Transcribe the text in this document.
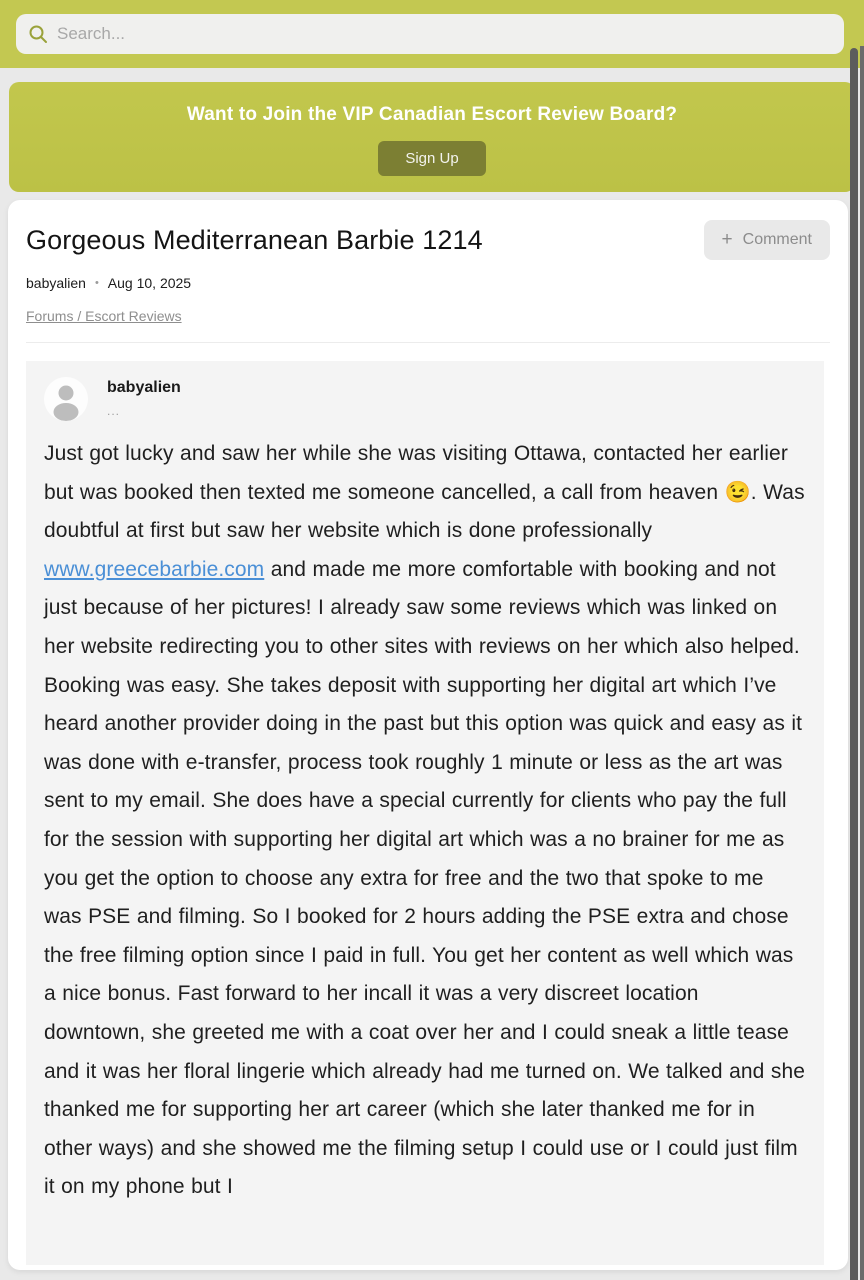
Search...
Want to Join the VIP Canadian Escort Review Board?
Sign Up
Gorgeous Mediterranean Barbie 1214	+ Comment
babyalien • Aug 10, 2025
Forums / Escort Reviews
babyalien
...
Just got lucky and saw her while she was visiting Ottawa, contacted her earlier but was booked then texted me someone cancelled, a call from heaven 😉. Was doubtful at first but saw her website which is done professionally www.greecebarbie.com and made me more comfortable with booking and not just because of her pictures! I already saw some reviews which was linked on her website redirecting you to other sites with reviews on her which also helped. Booking was easy. She takes deposit with supporting her digital art which I’ve heard another provider doing in the past but this option was quick and easy as it was done with e-transfer, process took roughly 1 minute or less as the art was sent to my email. She does have a special currently for clients who pay the full for the session with supporting her digital art which was a no brainer for me as you get the option to choose any extra for free and the two that spoke to me was PSE and filming. So I booked for 2 hours adding the PSE extra and chose the free filming option since I paid in full. You get her content as well which was a nice bonus. Fast forward to her incall it was a very discreet location downtown, she greeted me with a coat over her and I could sneak a little tease and it was her floral lingerie which already had me turned on. We talked and she thanked me for supporting her art career (which she later thanked me for in other ways) and she showed me the filming setup I could use or I could just film it on my phone but I
